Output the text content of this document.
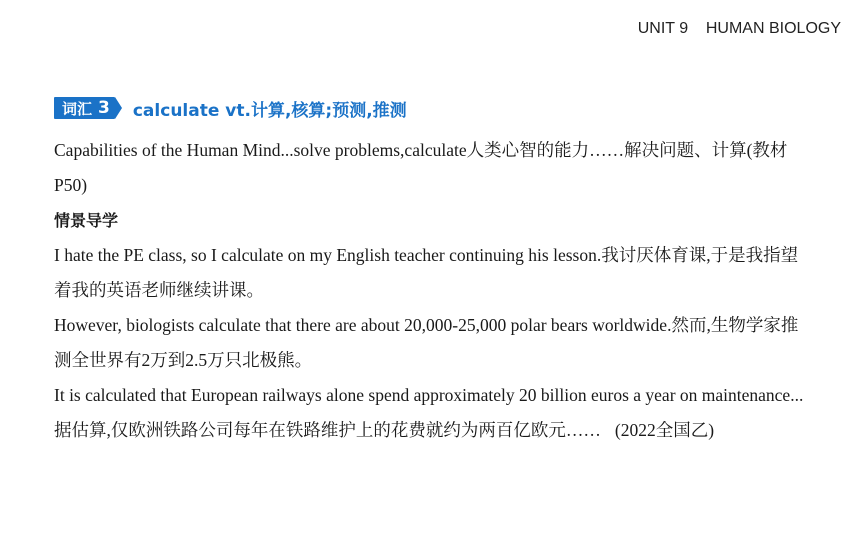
UNIT 9    HUMAN BIOLOGY
词汇 3 calculate vt.计算,核算;预测,推测

Capabilities of the Human Mind...solve problems,calculate人类心智的能力……解决问题、计算(教材P50)

情景导学

I hate the PE class, so I calculate on my English teacher continuing his lesson.我讨厌体育课,于是我指望着我的英语老师继续讲课。

However, biologists calculate that there are about 20,000-25,000 polar bears worldwide.然而,生物学家推测全世界有2万到2.5万只北极熊。

It is calculated that European railways alone spend approximately 20 billion euros a year on maintenance...据估算,仅欧洲铁路公司每年在铁路维护上的花费就约为两百亿欧元…… (2022全国乙)
